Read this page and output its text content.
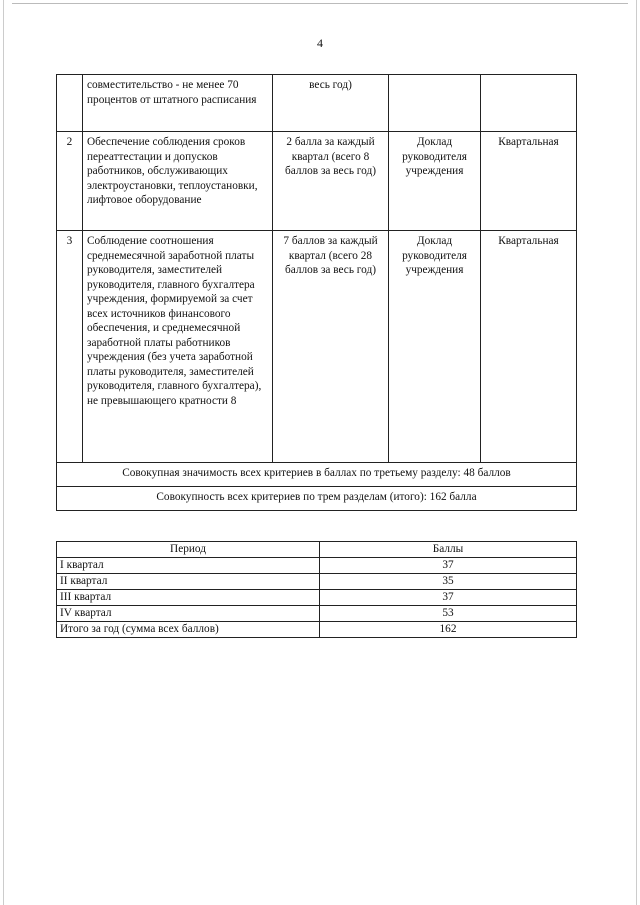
4
	совместительство - не менее 70 процентов от штатного расписания	весь год)		
2	Обеспечение соблюдения сроков переаттестации и допусков работников, обслуживающих электроустановки, теплоустановки, лифтовое оборудование	2 балла за каждый квартал (всего 8 баллов за весь год)	Доклад руководителя учреждения	Квартальная
3	Соблюдение соотношения среднемесячной заработной платы руководителя, заместителей руководителя, главного бухгалтера учреждения, формируемой за счет всех источников финансового обеспечения, и среднемесячной заработной платы работников учреждения (без учета заработной платы руководителя, заместителей руководителя, главного бухгалтера), не превышающего кратности 8	7 баллов за каждый квартал (всего 28 баллов за весь год)	Доклад руководителя учреждения	Квартальная
Совокупная значимость всех критериев в баллах по третьему разделу: 48 баллов				
Совокупность всех критериев по трем разделам (итого): 162 балла				
Период	Баллы
I квартал	37
II квартал	35
III квартал	37
IV квартал	53
Итого за год (сумма всех баллов)	162
